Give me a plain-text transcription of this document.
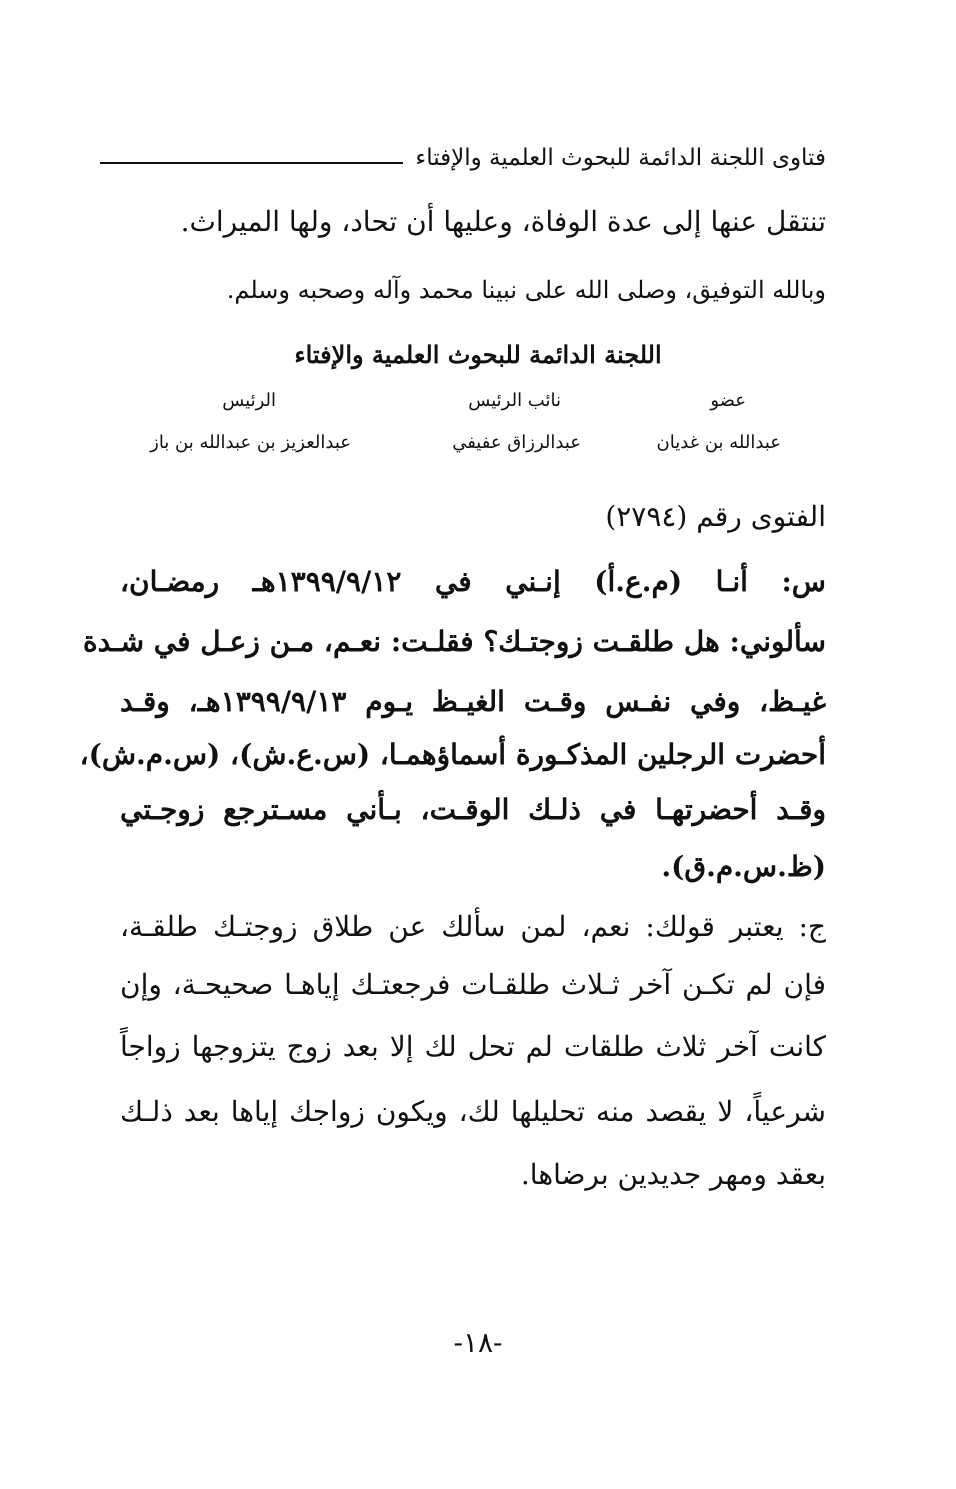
فتاوى اللجنة الدائمة للبحوث العلمية والإفتاء
تنتقل عنها إلى عدة الوفاة، وعليها أن تحاد، ولها الميراث.
وبالله التوفيق، وصلى الله على نبينا محمد وآله وصحبه وسلم.
اللجنة الدائمة للبحوث العلمية والإفتاء
عضو
نائب الرئيس
الرئيس
عبدالله بن غديان
عبدالرزاق عفيفي
عبدالعزيز بن عبدالله بن باز
الفتوى رقم (٢٧٩٤)
س: أنـا (م.ع.أ) إنـني في ١٣٩٩/٩/١٢هـ رمضـان،
سألوني: هل طلقـت زوجتـك؟ فقلـت: نعـم، مـن زعـل في شـدة
غيـظ، وفي نفـس وقـت الغيـظ يـوم ١٣٩٩/٩/١٣هـ، وقـد
أحضرت الرجلين المذكـورة أسماؤهمـا، (س.ع.ش)، (س.م.ش)،
وقـد أحضرتهـا في ذلـك الوقـت، بـأني مسـترجع زوجـتي
(ظ.س.م.ق).
ج: يعتبر قولك: نعم، لمن سألك عن طلاق زوجتـك طلقـة،
فإن لم تكـن آخر ثـلاث طلقـات فرجعتـك إياهـا صحيحـة، وإن
كانت آخر ثلاث طلقات لم تحل لك إلا بعد زوج يتزوجها زواجاً
شرعياً، لا يقصد منه تحليلها لك، ويكون زواجك إياها بعد ذلـك
بعقد ومهر جديدين برضاها.
-١٨-
